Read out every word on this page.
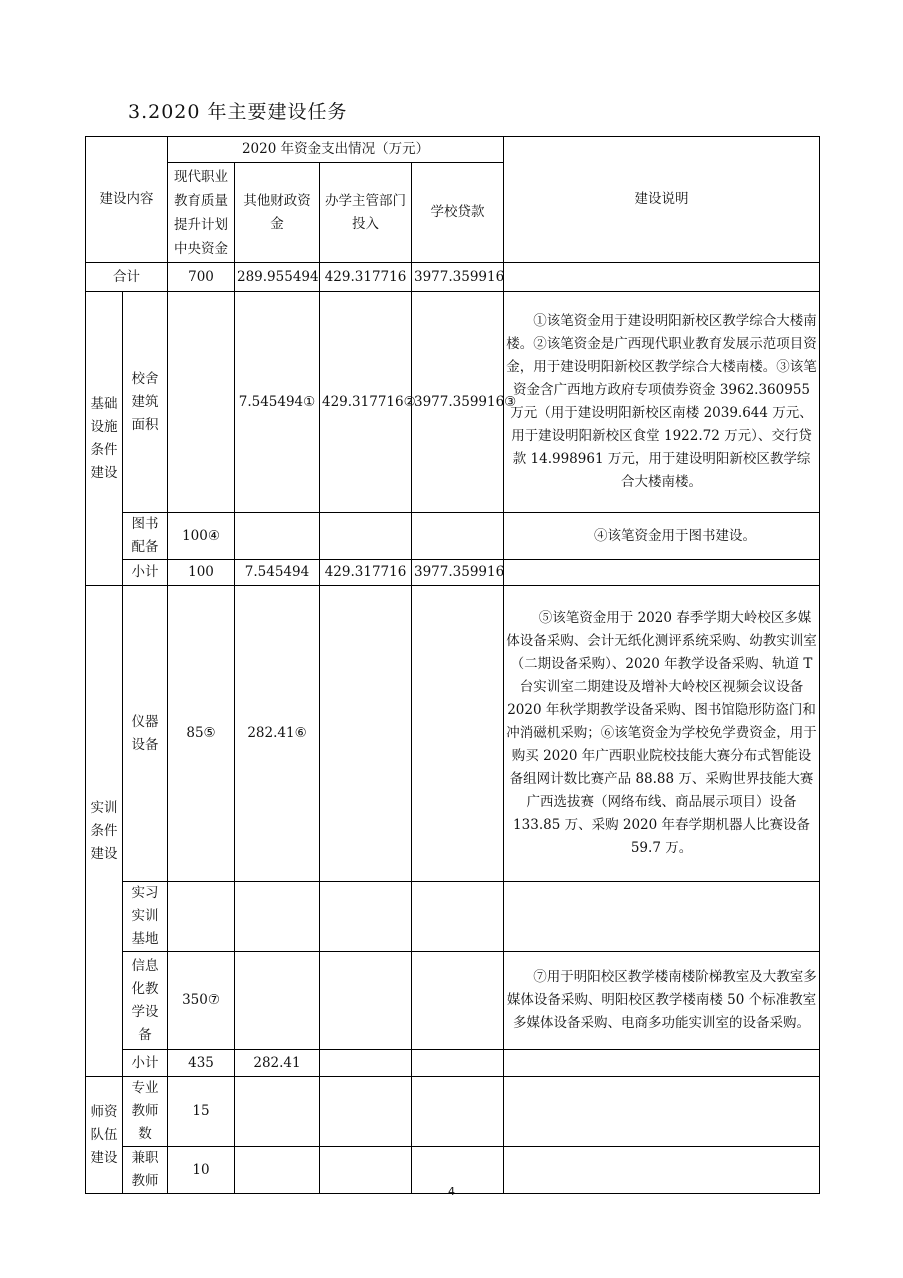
3.2020 年主要建设任务
建设内容		2020 年资金支出情况（万元）				建设说明
		现代职业教育质量提升计划中央资金	其他财政资金	办学主管部门投入	学校贷款	
合计		700	289.955494	429.317716	3977.359916	
基础设施条件建设	校舍建筑面积		7.545494①	429.317716②	3977.359916③	①该笔资金用于建设明阳新校区教学综合大楼南楼。②该笔资金是广西现代职业教育发展示范项目资金，用于建设明阳新校区教学综合大楼南楼。③该笔资金含广西地方政府专项债券资金 3962.360955 万元（用于建设明阳新校区南楼 2039.644 万元、用于建设明阳新校区食堂 1922.72 万元）、交行贷款 14.998961 万元，用于建设明阳新校区教学综合大楼南楼。
	图书配备	100④				④该笔资金用于图书建设。
	小计	100	7.545494	429.317716	3977.359916	
实训条件建设	仪器设备	85⑤	282.41⑥			⑤该笔资金用于 2020 春季学期大岭校区多媒体设备采购、会计无纸化测评系统采购、幼教实训室（二期设备采购）、2020 年教学设备采购、轨道 T 台实训室二期建设及增补大岭校区视频会议设备 2020 年秋学期教学设备采购、图书馆隐形防盗门和冲消磁机采购；⑥该笔资金为学校免学费资金，用于购买 2020 年广西职业院校技能大赛分布式智能设备组网计数比赛产品 88.88 万、采购世界技能大赛广西选拔赛（网络布线、商品展示项目）设备 133.85 万、采购 2020 年春学期机器人比赛设备 59.7 万。
	实习实训基地					
	信息化教学设备	350⑦				⑦用于明阳校区教学楼南楼阶梯教室及大教室多媒体设备采购、明阳校区教学楼南楼 50 个标准教室多媒体设备采购、电商多功能实训室的设备采购。
	小计	435	282.41			
师资队伍建设	专业教师数	15				
	兼职教师	10				
4
